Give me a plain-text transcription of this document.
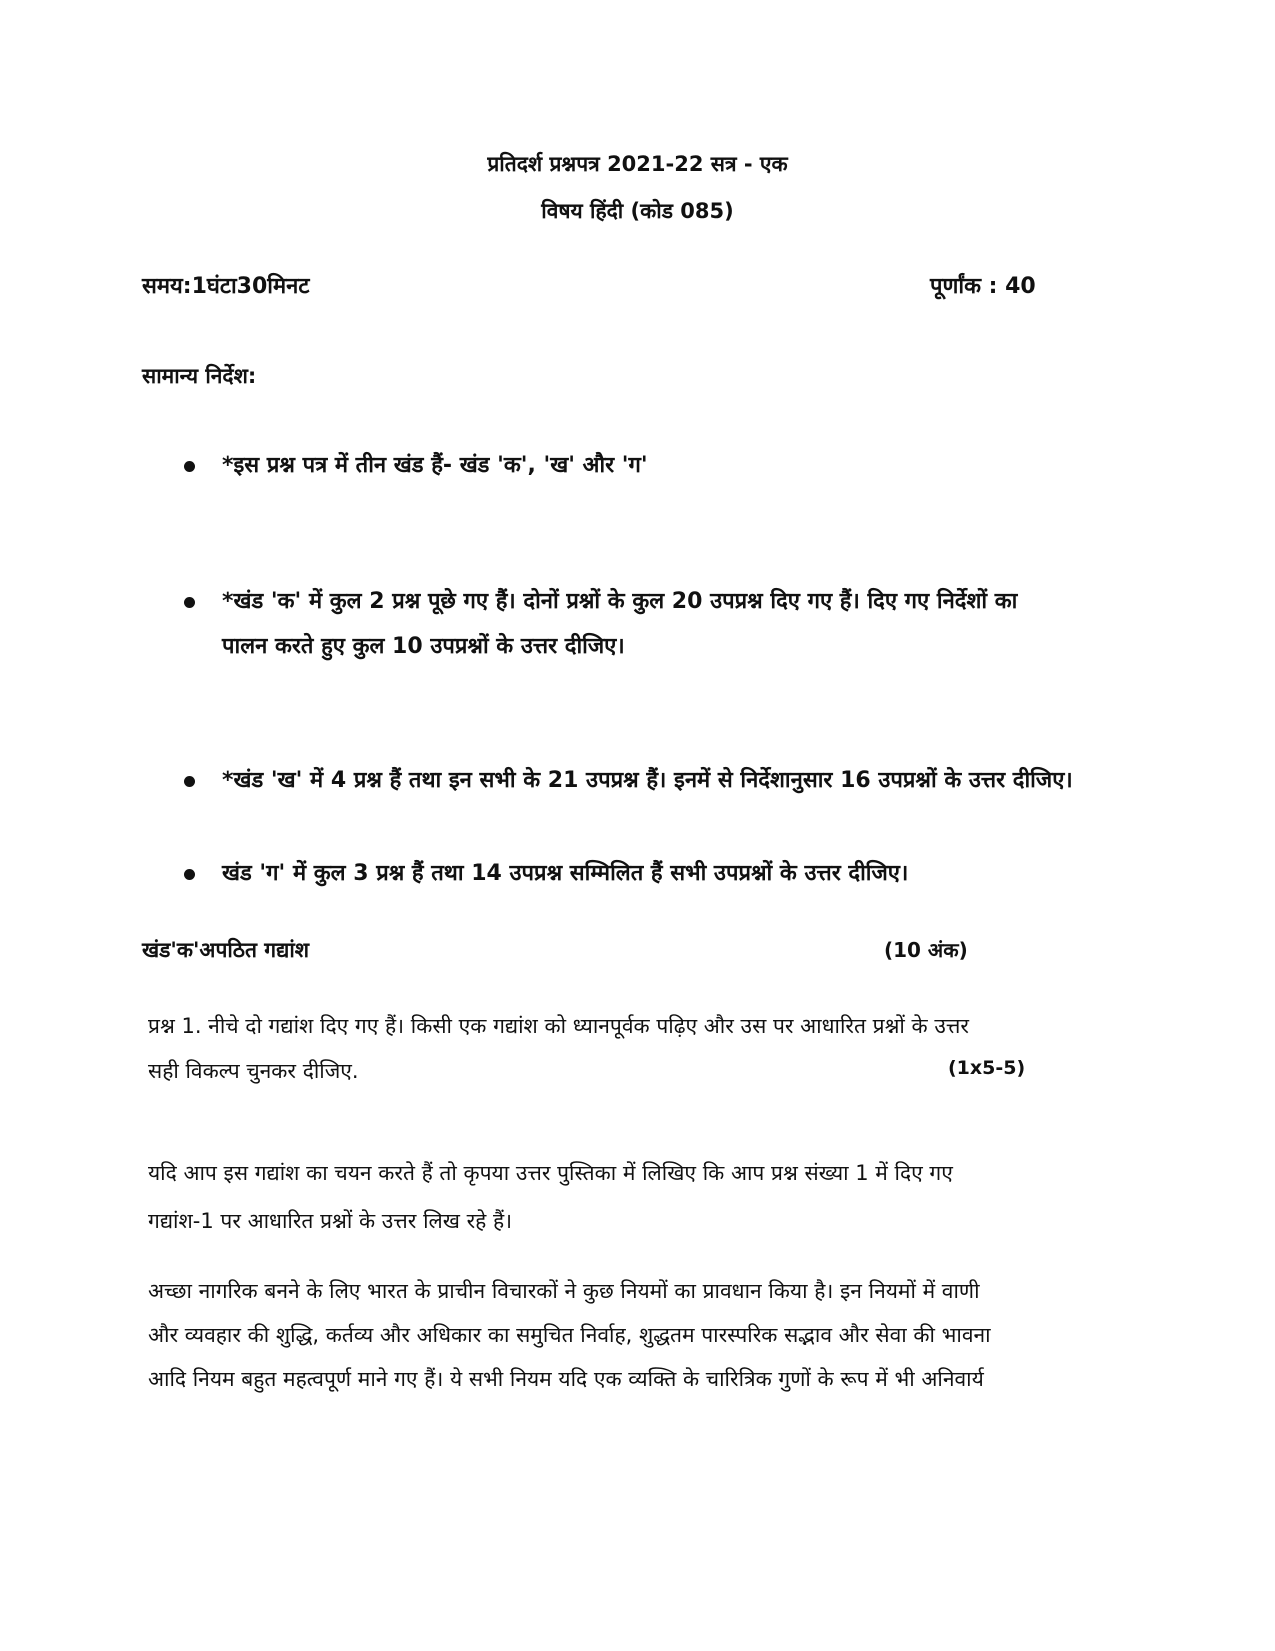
प्रतिदर्श प्रश्नपत्र 2021-22 सत्र - एक
विषय हिंदी (कोड 085)
समय:1घंटा30मिनट	पूर्णांक : 40
सामान्य निर्देश:
*इस प्रश्न पत्र में तीन खंड हैं- खंड 'क', 'ख' और 'ग'
*खंड 'क' में कुल 2 प्रश्न पूछे गए हैं। दोनों प्रश्नों के कुल 20 उपप्रश्न दिए गए हैं। दिए गए निर्देशों का
पालन करते हुए कुल 10 उपप्रश्नों के उत्तर दीजिए।
*खंड 'ख' में 4 प्रश्न हैं तथा इन सभी के 21 उपप्रश्न हैं। इनमें से निर्देशानुसार 16 उपप्रश्नों के उत्तर दीजिए।
खंड 'ग' में कुल 3 प्रश्न हैं तथा 14 उपप्रश्न सम्मिलित हैं सभी उपप्रश्नों के उत्तर दीजिए।
खंड'क'अपठित गद्यांश	(10 अंक)
प्रश्न 1. नीचे दो गद्यांश दिए गए हैं। किसी एक गद्यांश को ध्यानपूर्वक पढ़िए और उस पर आधारित प्रश्नों के उत्तर
सही विकल्प चुनकर दीजिए.	(1x5-5)
यदि आप इस गद्यांश का चयन करते हैं तो कृपया उत्तर पुस्तिका में लिखिए कि आप प्रश्न संख्या 1 में दिए गए
गद्यांश-1 पर आधारित प्रश्नों के उत्तर लिख रहे हैं।
अच्छा नागरिक बनने के लिए भारत के प्राचीन विचारकों ने कुछ नियमों का प्रावधान किया है। इन नियमों में वाणी
और व्यवहार की शुद्धि, कर्तव्य और अधिकार का समुचित निर्वाह, शुद्धतम पारस्परिक सद्भाव और सेवा की भावना
आदि नियम बहुत महत्वपूर्ण माने गए हैं। ये सभी नियम यदि एक व्यक्ति के चारित्रिक गुणों के रूप में भी अनिवार्य
